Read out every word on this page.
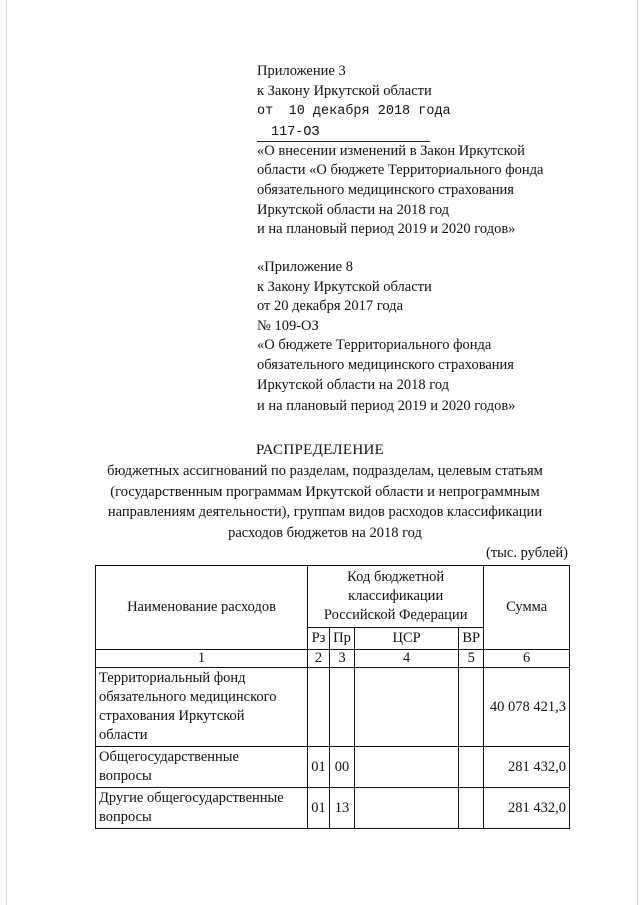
Приложение 3
к Закону Иркутской области
от 10 декабря 2018 года
117-ОЗ
«О внесении изменений в Закон Иркутской
области «О бюджете Территориального фонда
обязательного медицинского страхования
Иркутской области на 2018 год
и на плановый период 2019 и 2020 годов»
«Приложение 8
к Закону Иркутской области
от 20 декабря 2017 года
№ 109-ОЗ
«О бюджете Территориального фонда
обязательного медицинского страхования
Иркутской области на 2018 год
и на плановый период 2019 и 2020 годов»
РАСПРЕДЕЛЕНИЕ
бюджетных ассигнований по разделам, подразделам, целевым статьям
(государственным программам Иркутской области и непрограммным
направлениям деятельности), группам видов расходов классификации
расходов бюджетов на 2018 год
(тыс. рублей)
Наименование расходов	Код бюджетной
классификации
Российской Федерации				Сумма
	Рз	Пр	ЦСР	ВР	
1	2	3	4	5	6

Территориальный фонд
обязательного медицинского
страхования Иркутской
области					40 078 421,3

Общегосударственные
вопросы	01	00			281 432,0

Другие общегосударственные
вопросы	01	13			281 432,0
